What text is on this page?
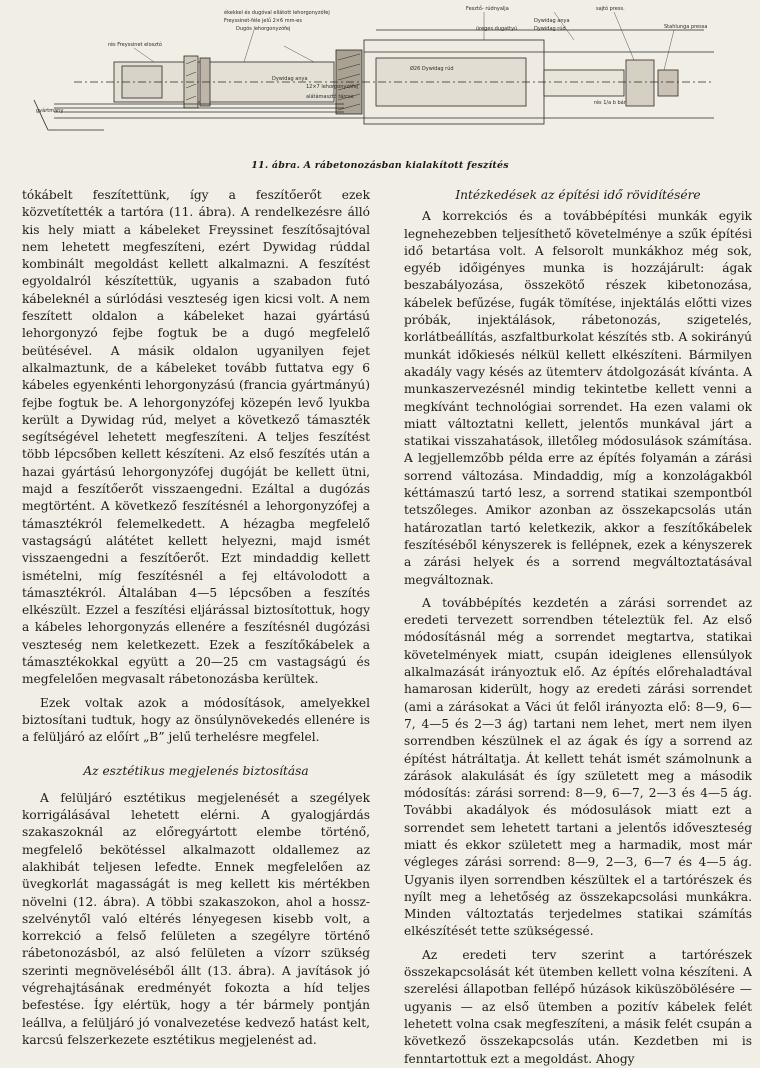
Fesztő- rúdnyalja
Dywidag anya
Dywidag rúd
üreges dugattyú
sajtó press.
Stahlunga pressa
rés Freyssinet elosztó
ékekkel és dugóval ellátott lehorgonyzófej
Freyssinet-féle jelű 2×6 mm-es
Dugós lehorgonyzófej
Ø26 Dywidag rúd
12×7 lehorgonyzófej
alátámasztó tárcsa
Dywidag anya
gyártmány
rés 1/a b bár
11. ábra. A rábetonozásban kialakított feszítés

tókábelt feszítettünk, így a feszítőerőt ezek közvetítették a tartóra (11. ábra). A rendelkezésre álló kis hely miatt a kábeleket Freyssinet feszítősajtóval nem lehetett megfeszíteni, ezért Dywidag rúddal kombinált megoldást kellett alkalmazni. A feszítést egyoldalról készítettük, ugyanis a szabadon futó kábeleknél a súrlódási veszteség igen kicsi volt. A nem feszített oldalon a kábeleket hazai gyártású lehorgonyzó fejbe fogtuk be a dugó megfelelő beütésével. A másik oldalon ugyanilyen fejet alkalmaztunk, de a kábeleket tovább futtatva egy 6 kábeles egyenkénti lehorgonyzású (francia gyártmányú) fejbe fogtuk be. A lehorgonyzófej közepén levő lyukba került a Dywidag rúd, melyet a következő támaszték segítségével lehetett megfeszíteni. A teljes feszítést több lépcsőben kellett készíteni. Az első feszítés után a hazai gyártású lehorgonyzófej dugóját be kellett ütni, majd a feszítőerőt visszaengedni. Ezáltal a dugózás megtörtént. A következő feszítésnél a lehorgonyzófej a támasztékról felemelkedett. A hézagba megfelelő vastagságú alátétet kellett helyezni, majd ismét visszaengedni a feszítőerőt. Ezt mindaddig kellett ismételni, míg feszítésnél a fej eltávolodott a támasztékról. Általában 4—5 lépcsőben a feszítés elkészült. Ezzel a feszítési eljárással biztosítottuk, hogy a kábeles lehorgonyzás ellenére a feszítésnél dugózási veszteség nem keletkezett. Ezek a feszítőkábelek a támasztékokkal együtt a 20—25 cm vastagságú és megfelelően megvasalt rábetonozásba kerültek.

Ezek voltak azok a módosítások, amelyekkel biztosítani tudtuk, hogy az önsúlynövekedés ellenére is a felüljáró az előírt „B” jelű terhelésre megfelel.

Az esztétikus megjelenés biztosítása

A felüljáró esztétikus megjelenését a szegélyek korrigálásával lehetett elérni. A gyalogjárdás szakaszoknál az előregyártott elembe történő, megfelelő bekötéssel alkalmazott oldallemez az alakhibát teljesen lefedte. Ennek megfelelően az üvegkorlát magasságát is meg kellett kis mértékben növelni (12. ábra). A többi szakaszokon, ahol a hossz-szelvénytől való eltérés lényegesen kisebb volt, a korrekció a felső felületen a szegélyre történő rábetonozásból, az alsó felületen a vízorr szükség szerinti megnöveléséből állt (13. ábra). A javítások jó végrehajtásának eredményét fokozta a híd teljes befestése. Így elértük, hogy a tér bármely pontján leállva, a felüljáró jó vonalvezetése kedvező hatást kelt, karcsú felszerkezete esztétikus megjelenést ad.

Intézkedések az építési idő rövidítésére

A korrekciós és a továbbépítési munkák egyik legnehezebben teljesíthető követelménye a szűk építési idő betartása volt. A felsorolt munkákhoz még sok, egyéb időigényes munka is hozzájárult: ágak beszabályozása, összekötő részek kibetonozása, kábelek befűzése, fugák tömítése, injektálás előtti vizes próbák, injektálások, rábetonozás, szigetelés, korlátbeállítás, aszfaltburkolat készítés stb. A sokirányú munkát időkiesés nélkül kellett elkészíteni. Bármilyen akadály vagy késés az ütemterv átdolgozását kívánta. A munkaszervezésnél mindig tekintetbe kellett venni a megkívánt technológiai sorrendet. Ha ezen valami ok miatt változtatni kellett, jelentős munkával járt a statikai visszahatások, illetőleg módosulások számítása. A legjellemzőbb példa erre az építés folyamán a zárási sorrend változása. Mindaddig, míg a konzolágakból kéttámaszú tartó lesz, a sorrend statikai szempontból tetszőleges. Amikor azonban az összekapcsolás után határozatlan tartó keletkezik, akkor a feszítőkábelek feszítéséből kényszerek is fellépnek, ezek a kényszerek a zárási helyek és a sorrend megváltoztatásával megváltoznak.

A továbbépítés kezdetén a zárási sorrendet az eredeti tervezett sorrendben tételeztük fel. Az első módosításnál még a sorrendet megtartva, statikai követelmények miatt, csupán ideiglenes ellensúlyok alkalmazását irányoztuk elő. Az építés előrehaladtával hamarosan kiderült, hogy az eredeti zárási sorrendet (ami a zárásokat a Váci út felől irányozta elő: 8—9, 6—7, 4—5 és 2—3 ág) tartani nem lehet, mert nem ilyen sorrendben készülnek el az ágak és így a sorrend az építést hátráltatja. Át kellett tehát ismét számolnunk a zárások alakulását és így született meg a második módosítás: zárási sorrend: 8—9, 6—7, 2—3 és 4—5 ág. További akadályok és módosulások miatt ezt a sorrendet sem lehetett tartani a jelentős időveszteség miatt és ekkor született meg a harmadik, most már végleges zárási sorrend: 8—9, 2—3, 6—7 és 4—5 ág. Ugyanis ilyen sorrendben készültek el a tartórészek és nyílt meg a lehetőség az összekapcsolási munkákra. Minden változtatás terjedelmes statikai számítás elkészítését tette szükségessé.

Az eredeti terv szerint a tartórészek összekapcsolását két ütemben kellett volna készíteni. A szerelési állapotban fellépő húzások kiküszöbölésére — ugyanis — az első ütemben a pozitív kábelek felét lehetett volna csak megfeszíteni, a másik felét csupán a következő összekapcsolás után. Kezdetben mi is fenntartottuk ezt a megoldást. Ahogy
